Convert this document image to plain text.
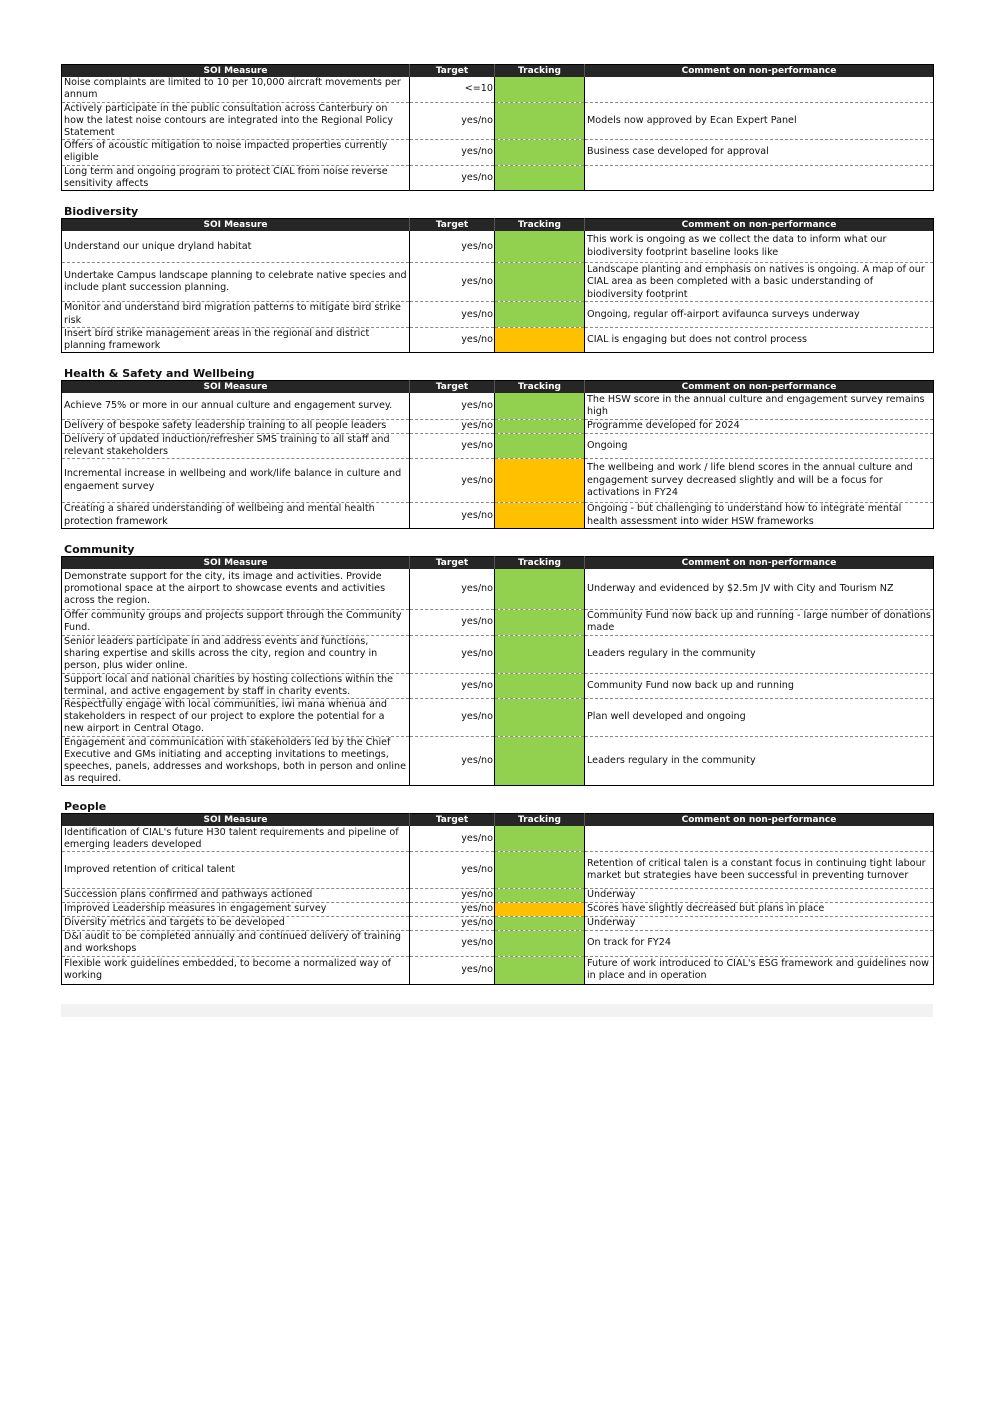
SOI Measure	Target	Tracking	Comment on non-performance
Noise complaints are limited to 10 per 10,000 aircraft movements per annum	<=10		
Actively participate in the public consultation across Canterbury on how the latest noise contours are integrated into the Regional Policy Statement	yes/no		Models now approved by Ecan Expert Panel
Offers of acoustic mitigation to noise impacted properties currently eligible	yes/no		Business case developed for approval
Long term and ongoing program to protect CIAL from noise reverse sensitivity affects	yes/no		
Biodiversity
SOI Measure	Target	Tracking	Comment on non-performance
Understand our unique dryland habitat	yes/no		This work is ongoing as we collect the data to inform what our biodiversity footprint baseline looks like
Undertake Campus landscape planning to celebrate native species and include plant succession planning.	yes/no		Landscape planting and emphasis on natives is ongoing. A map of our CIAL area as been completed with a basic understanding of biodiversity footprint
Monitor and understand bird migration patterns to mitigate bird strike risk	yes/no		Ongoing, regular off-airport avifaunca surveys underway
Insert bird strike management areas in the regional and district planning framework	yes/no		CIAL is engaging but does not control process
Health & Safety and Wellbeing
SOI Measure	Target	Tracking	Comment on non-performance
Achieve 75% or more in our annual culture and engagement survey.	yes/no		The HSW score in the annual culture and engagement survey remains high
Delivery of bespoke safety leadership training to all people leaders	yes/no		Programme developed for 2024
Delivery of updated induction/refresher SMS training to all staff and relevant stakeholders	yes/no		Ongoing
Incremental increase in wellbeing and work/life balance in culture and engaement survey	yes/no		The wellbeing and work / life blend scores in the annual culture and engagement survey decreased slightly and will be a focus for activations in FY24
Creating a shared understanding of wellbeing and mental health protection framework	yes/no		Ongoing - but challenging to understand how to integrate mental health assessment into wider HSW frameworks
Community
SOI Measure	Target	Tracking	Comment on non-performance
Demonstrate support for the city, its image and activities. Provide promotional space at the airport to showcase events and activities across the region.	yes/no		Underway and evidenced by $2.5m JV with City and Tourism NZ
Offer community groups and projects support through the Community Fund.	yes/no		Community Fund now back up and running - large number of donations made
Senior leaders participate in and address events and functions, sharing expertise and skills across the city, region and country in person, plus wider online.	yes/no		Leaders regulary in the community
Support local and national charities by hosting collections within the terminal, and active engagement by staff in charity events.	yes/no		Community Fund now back up and running
Respectfully engage with local communities, iwi mana whenua and stakeholders in respect of our project to explore the potential for a new airport in Central Otago.	yes/no		Plan well developed and ongoing
Engagement and communication with stakeholders led by the Chief Executive and GMs initiating and accepting invitations to meetings, speeches, panels, addresses and workshops, both in person and online as required.	yes/no		Leaders regulary in the community
People
SOI Measure	Target	Tracking	Comment on non-performance
Identification of CIAL's future H30 talent requirements and pipeline of emerging leaders developed	yes/no		
Improved retention of critical talent	yes/no		Retention of critical talen is a constant focus in continuing tight labour market but strategies have been successful in preventing turnover
Succession plans confirmed and pathways actioned	yes/no		Underway
Improved Leadership measures in engagement survey	yes/no		Scores have slightly decreased but plans in place
Diversity metrics and targets to be developed	yes/no		Underway
D&I audit to be completed annually and continued delivery of training and workshops	yes/no		On track for FY24
Flexible work guidelines embedded, to become a normalized way of working	yes/no		Future of work introduced to CIAL's ESG framework and guidelines now in place and in operation
